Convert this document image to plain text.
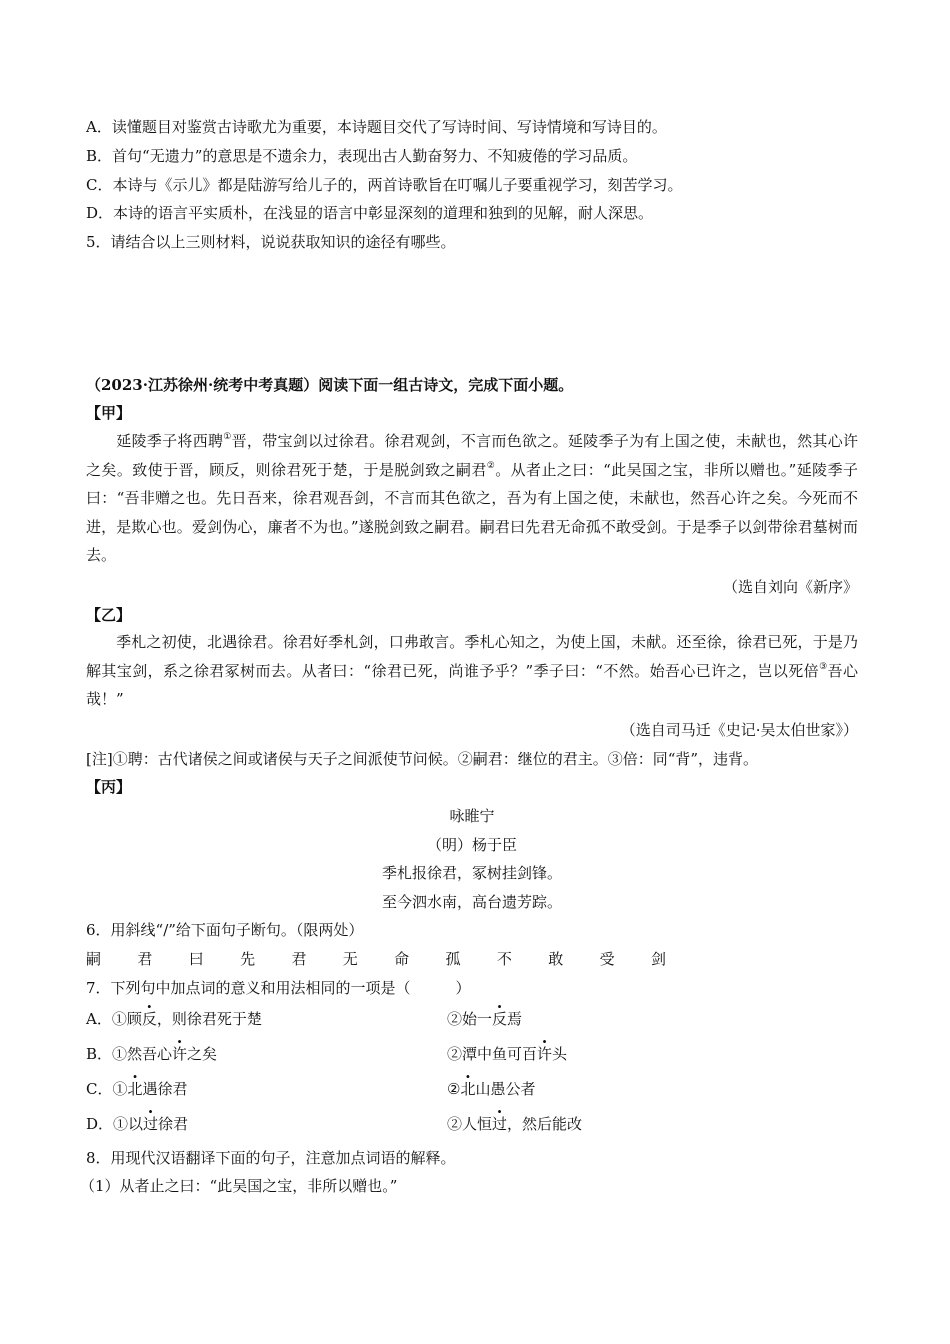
A．读懂题目对鉴赏古诗歌尤为重要，本诗题目交代了写诗时间、写诗情境和写诗目的。
B．首句“无遗力”的意思是不遗余力，表现出古人勤奋努力、不知疲倦的学习品质。
C．本诗与《示儿》都是陆游写给儿子的，两首诗歌旨在叮嘱儿子要重视学习，刻苦学习。
D．本诗的语言平实质朴，在浅显的语言中彰显深刻的道理和独到的见解，耐人深思。
5．请结合以上三则材料，说说获取知识的途径有哪些。
（2023·江苏徐州·统考中考真题）阅读下面一组古诗文，完成下面小题。
【甲】
延陵季子将西聘①晋，带宝剑以过徐君。徐君观剑，不言而色欲之。延陵季子为有上国之使，未献也，然其心许之矣。致使于晋，顾反，则徐君死于楚，于是脱剑致之嗣君②。从者止之曰：“此吴国之宝，非所以赠也。”延陵季子曰：“吾非赠之也。先日吾来，徐君观吾剑，不言而其色欲之，吾为有上国之使，未献也，然吾心许之矣。今死而不进，是欺心也。爱剑伪心，廉者不为也。”遂脱剑致之嗣君。嗣君曰先君无命孤不敢受剑。于是季子以剑带徐君墓树而去。
（选自刘向《新序》
【乙】
季札之初使，北遇徐君。徐君好季札剑，口弗敢言。季札心知之，为使上国，未献。还至徐，徐君已死，于是乃解其宝剑，系之徐君冢树而去。从者曰：“徐君已死，尚谁予乎？”季子曰：“不然。始吾心已许之，岂以死倍③吾心哉！”
（选自司马迁《史记·吴太伯世家》）
[注]①聘：古代诸侯之间或诸侯与天子之间派使节问候。②嗣君：继位的君主。③倍：同“背”，违背。
【丙】
咏睢宁
（明）杨于臣
季札报徐君，冢树挂剑锋。
至今泗水南，高台遗芳踪。
6．用斜线“/”给下面句子断句。（限两处）
嗣 君 曰 先 君 无 命 孤 不 敢 受 剑
7．下列句中加点词的意义和用法相同的一项是（　　　）
A．①顾反，则徐君死于楚	②始一反焉
B．①然吾心许之矣	②潭中鱼可百许头
C．①北遇徐君	②北山愚公者
D．①以过徐君	②人恒过，然后能改
8．用现代汉语翻译下面的句子，注意加点词语的解释。
（1）从者止之曰：“此吴国之宝，非所以赠也。”
